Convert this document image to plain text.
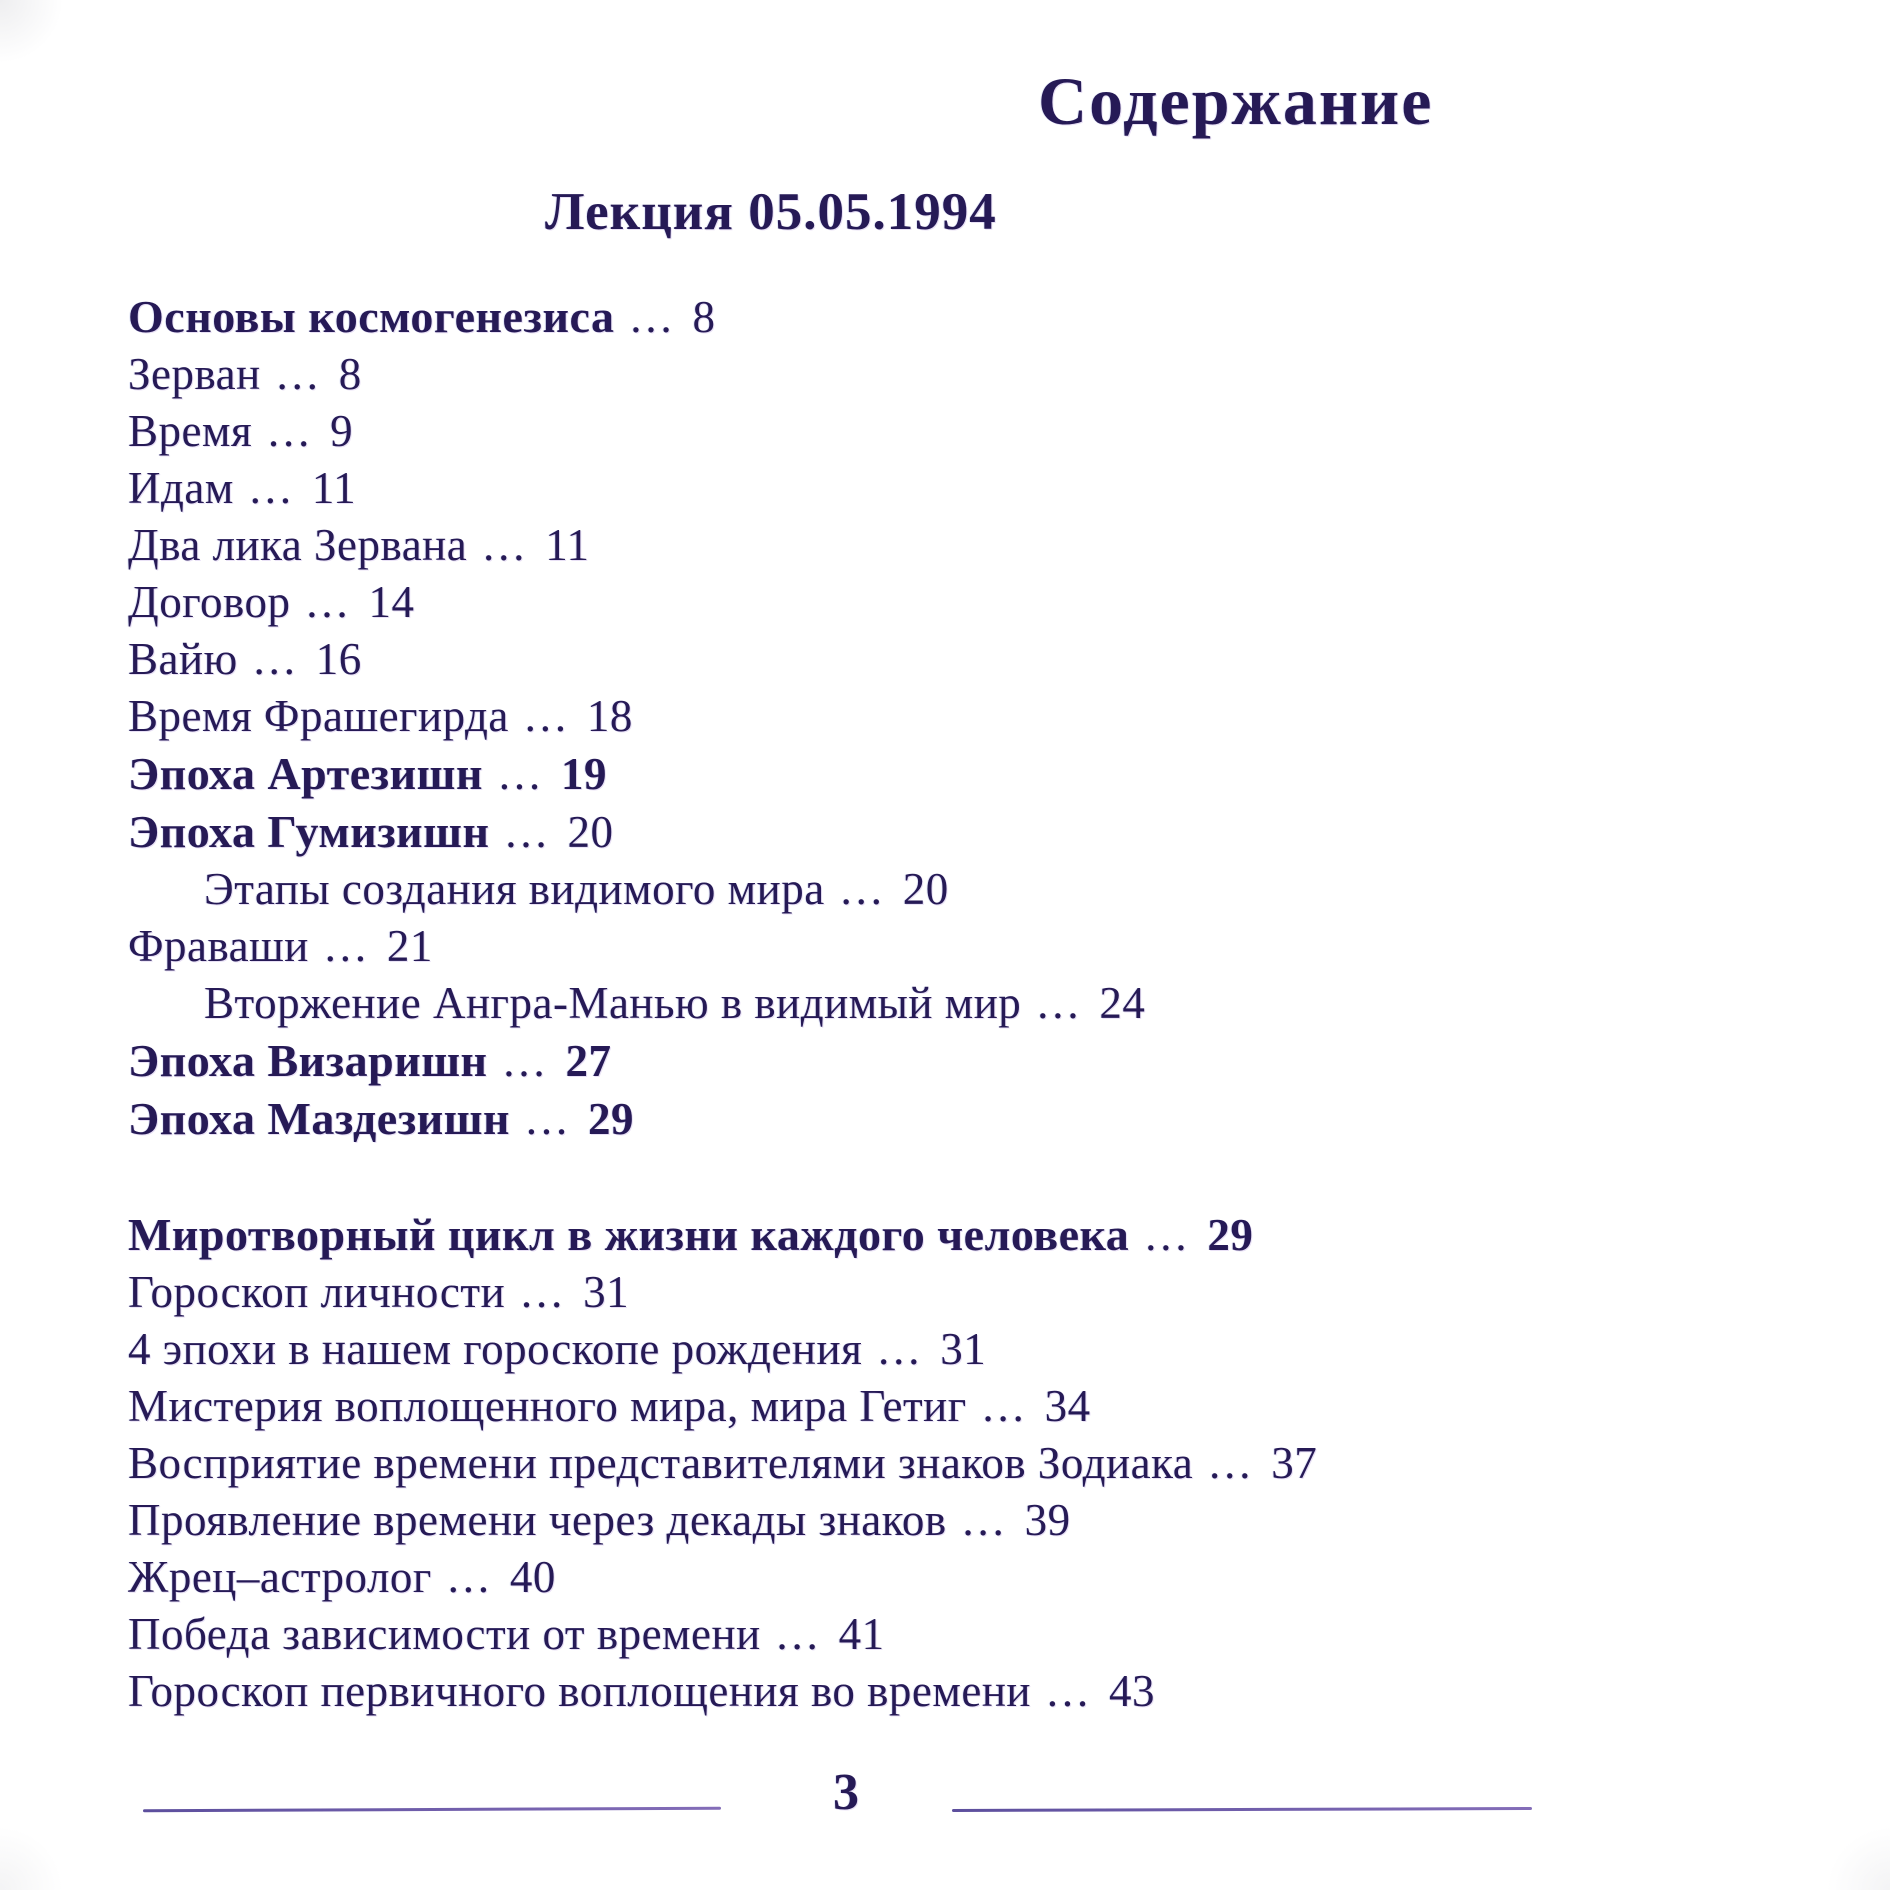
Содержание
Лекция 05.05.1994
Основы космогенезиса … 8
Зерван … 8
Время … 9
Идам … 11
Два лика Зервана … 11
Договор … 14
Вайю … 16
Время Фрашегирда … 18
Эпоха Артезишн … 19
Эпоха Гумизишн … 20
Этапы создания видимого мира … 20
Фраваши … 21
Вторжение Ангра-Манью в видимый мир … 24
Эпоха Визаришн … 27
Эпоха Маздезишн … 29
Миротворный цикл в жизни каждого человека … 29
Гороскоп личности … 31
4 эпохи в нашем гороскопе рождения … 31
Мистерия воплощенного мира, мира Гетиг … 34
Восприятие времени представителями знаков Зодиака … 37
Проявление времени через декады знаков … 39
Жрец–астролог … 40
Победа зависимости от времени … 41
Гороскоп первичного воплощения во времени … 43
3
